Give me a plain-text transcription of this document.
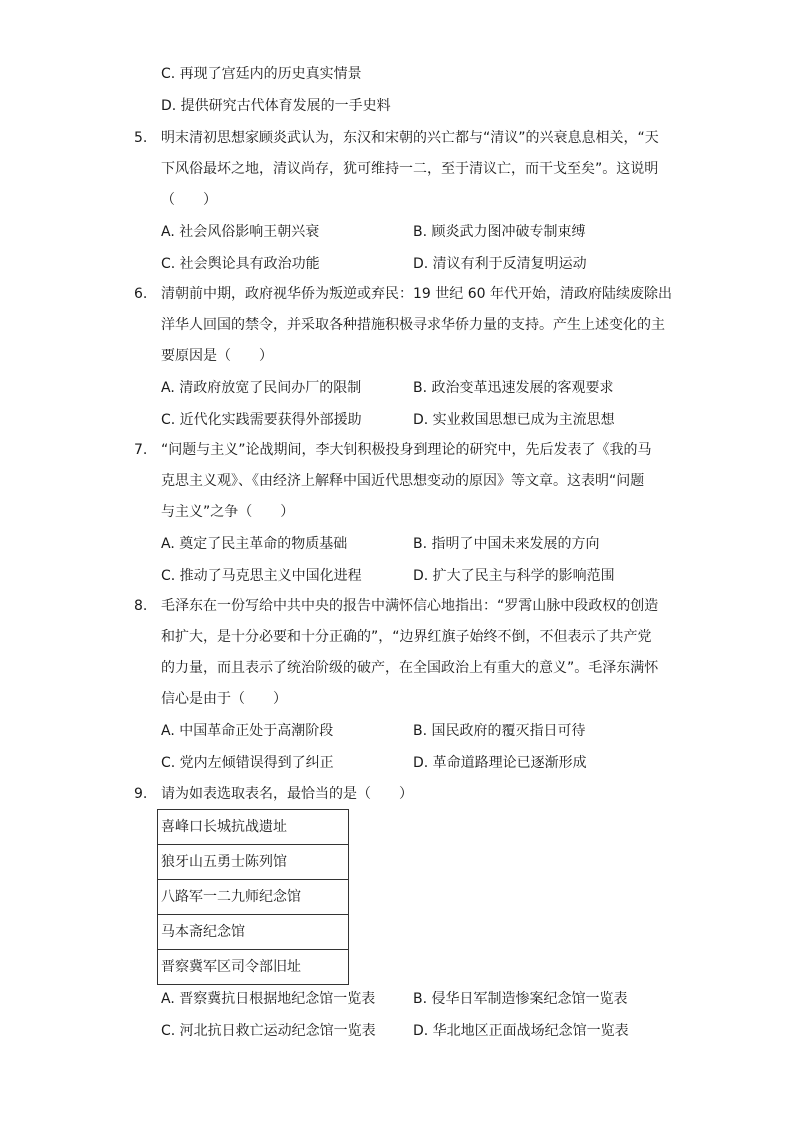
C. 再现了宫廷内的历史真实情景
D. 提供研究古代体育发展的一手史料
5. 明末清初思想家顾炎武认为，东汉和宋朝的兴亡都与“清议”的兴衰息息相关，“天
下风俗最坏之地，清议尚存，犹可维持一二，至于清议亡，而干戈至矣”。这说明
（　　）
A. 社会风俗影响王朝兴衰	B. 顾炎武力图冲破专制束缚
C. 社会舆论具有政治功能	D. 清议有利于反清复明运动
6. 清朝前中期，政府视华侨为叛逆或弃民：19 世纪 60 年代开始，清政府陆续废除出
洋华人回国的禁令，并采取各种措施积极寻求华侨力量的支持。产生上述变化的主
要原因是（　　）
A. 清政府放宽了民间办厂的限制	B. 政治变革迅速发展的客观要求
C. 近代化实践需要获得外部援助	D. 实业救国思想已成为主流思想
7. “问题与主义”论战期间，李大钊积极投身到理论的研究中，先后发表了《我的马
克思主义观》、《由经济上解释中国近代思想变动的原因》等文章。这表明“问题
与主义”之争（　　）
A. 奠定了民主革命的物质基础	B. 指明了中国未来发展的方向
C. 推动了马克思主义中国化进程	D. 扩大了民主与科学的影响范围
8. 毛泽东在一份写给中共中央的报告中满怀信心地指出：“罗霄山脉中段政权的创造
和扩大，是十分必要和十分正确的”，“边界红旗子始终不倒，不但表示了共产党
的力量，而且表示了统治阶级的破产，在全国政治上有重大的意义”。毛泽东满怀
信心是由于（　　）
A. 中国革命正处于高潮阶段	B. 国民政府的覆灭指日可待
C. 党内左倾错误得到了纠正	D. 革命道路理论已逐渐形成
9. 请为如表选取表名，最恰当的是（　　）
喜峰口长城抗战遗址
狼牙山五勇士陈列馆
八路军一二九师纪念馆
马本斋纪念馆
晋察冀军区司令部旧址
A. 晋察冀抗日根据地纪念馆一览表	B. 侵华日军制造惨案纪念馆一览表
C. 河北抗日救亡运动纪念馆一览表	D. 华北地区正面战场纪念馆一览表
